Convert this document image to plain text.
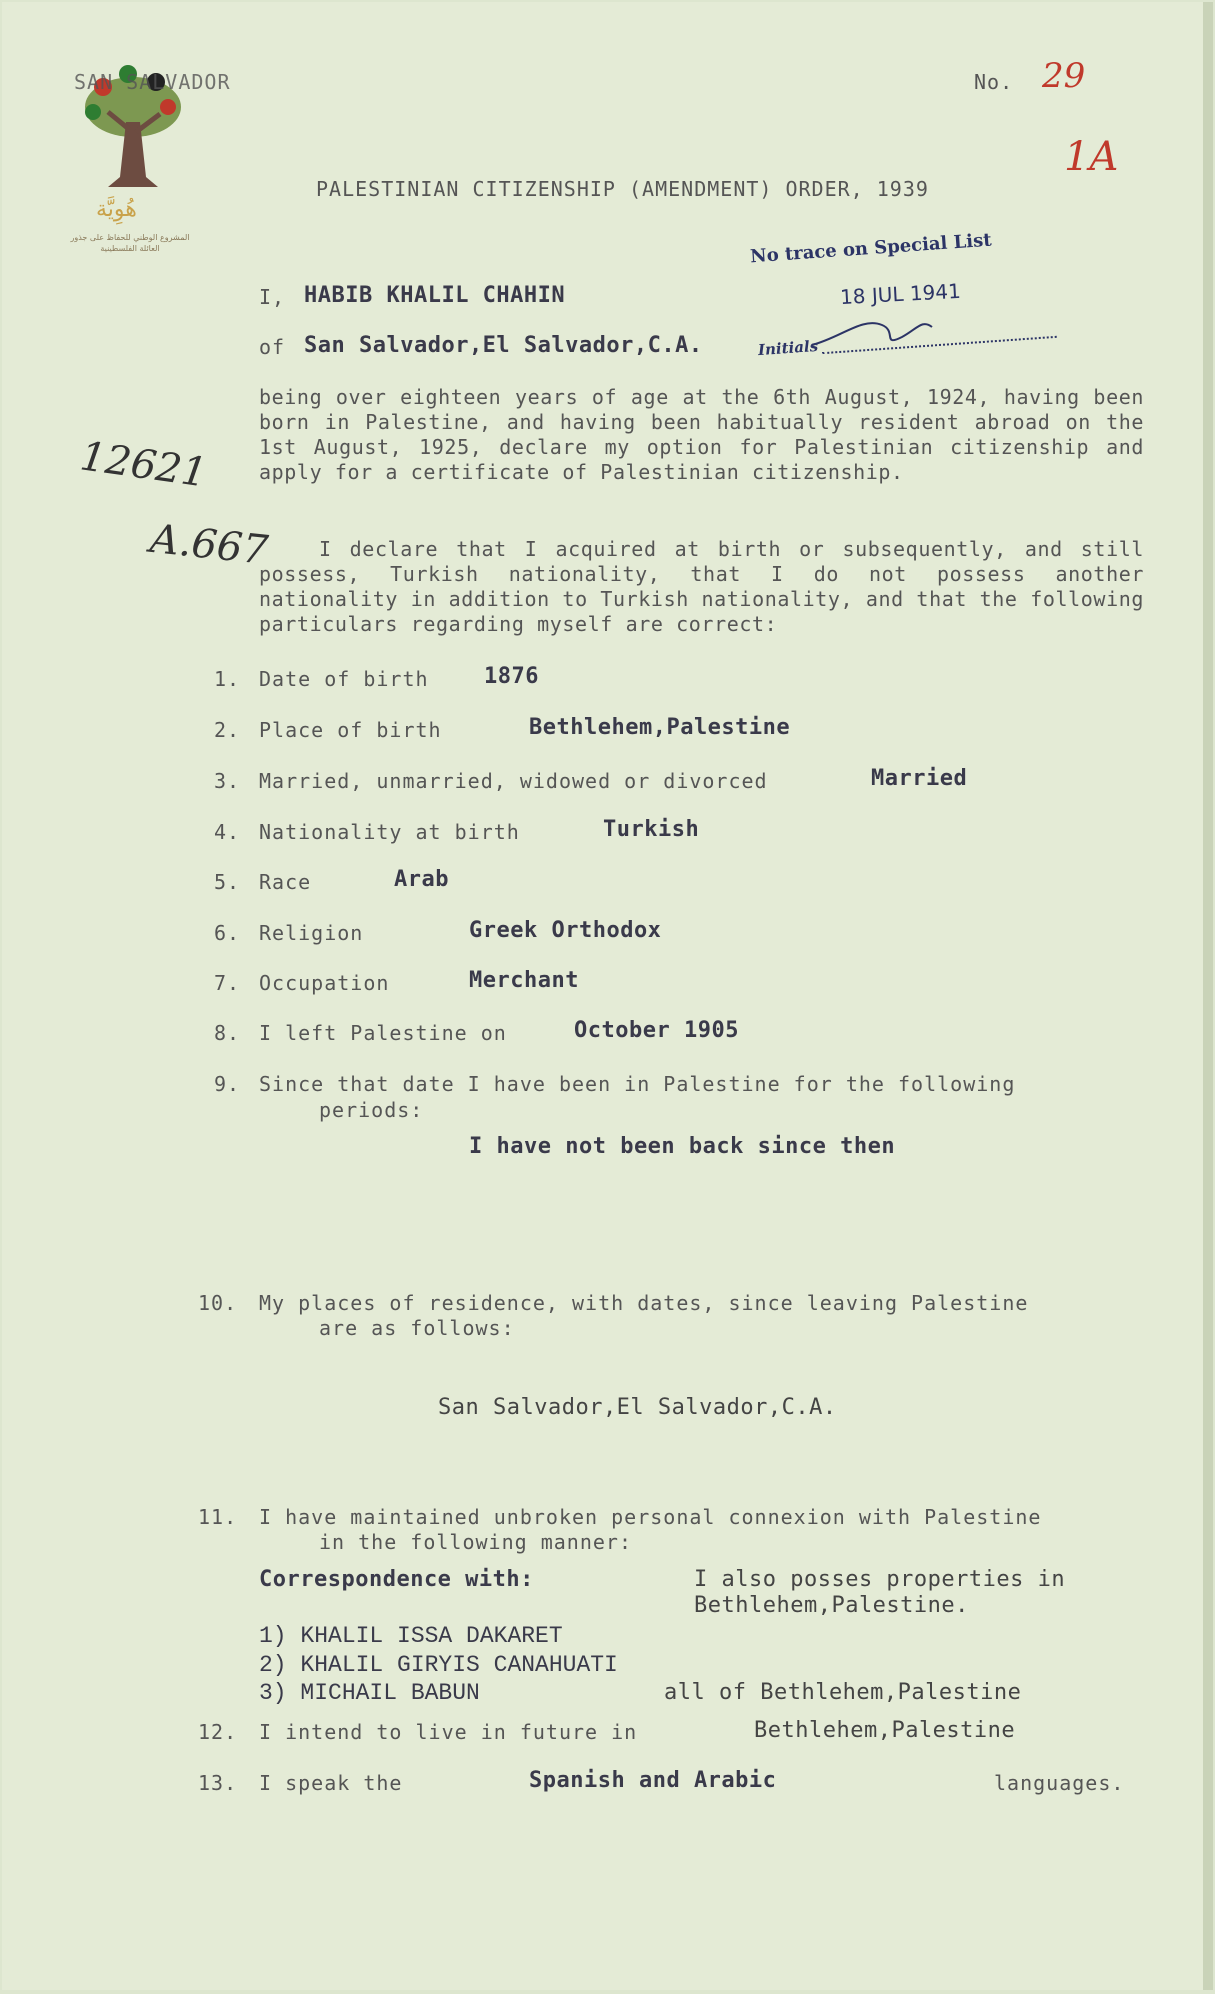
هُوِيَّة
المشروع الوطني للحفاظ على جذور العائلة الفلسطينية
SAN SALVADOR	No. 29
1A
PALESTINIAN CITIZENSHIP (AMENDMENT) ORDER, 1939
No trace on Special List
18 JUL 1941
Initials
I, HABIB KHALIL CHAHIN
of San Salvador,El Salvador,C.A.
12621
A.667
being over eighteen years of age at the 6th August, 1924, having been born in Palestine, and having been habitually resident abroad on the 1st August, 1925, declare my option for Palestinian citizenship and apply for a certificate of Palestinian citizenship.
I declare that I acquired at birth or subsequently, and still possess, Turkish nationality, that I do not possess another nationality in addition to Turkish nationality, and that the following particulars regarding myself are correct:
1. Date of birth	1876
2. Place of birth	Bethlehem,Palestine
3. Married, unmarried, widowed or divorced	Married
4. Nationality at birth	Turkish
5. Race	Arab
6. Religion	Greek Orthodox
7. Occupation	Merchant
8. I left Palestine on	October 1905
9. Since that date I have been in Palestine for the following
periods:
I have not been back since then
10. My places of residence, with dates, since leaving Palestine
are as follows:
San Salvador,El Salvador,C.A.
11. I have maintained unbroken personal connexion with Palestine
in the following manner:
Correspondence with:	I also posses properties in
Bethlehem,Palestine.
1) KHALIL ISSA DAKARET
2) KHALIL GIRYIS CANAHUATI
3) MICHAIL BABUN	all of Bethlehem,Palestine
12. I intend to live in future in	Bethlehem,Palestine
13. I speak the	Spanish and Arabic	languages.
